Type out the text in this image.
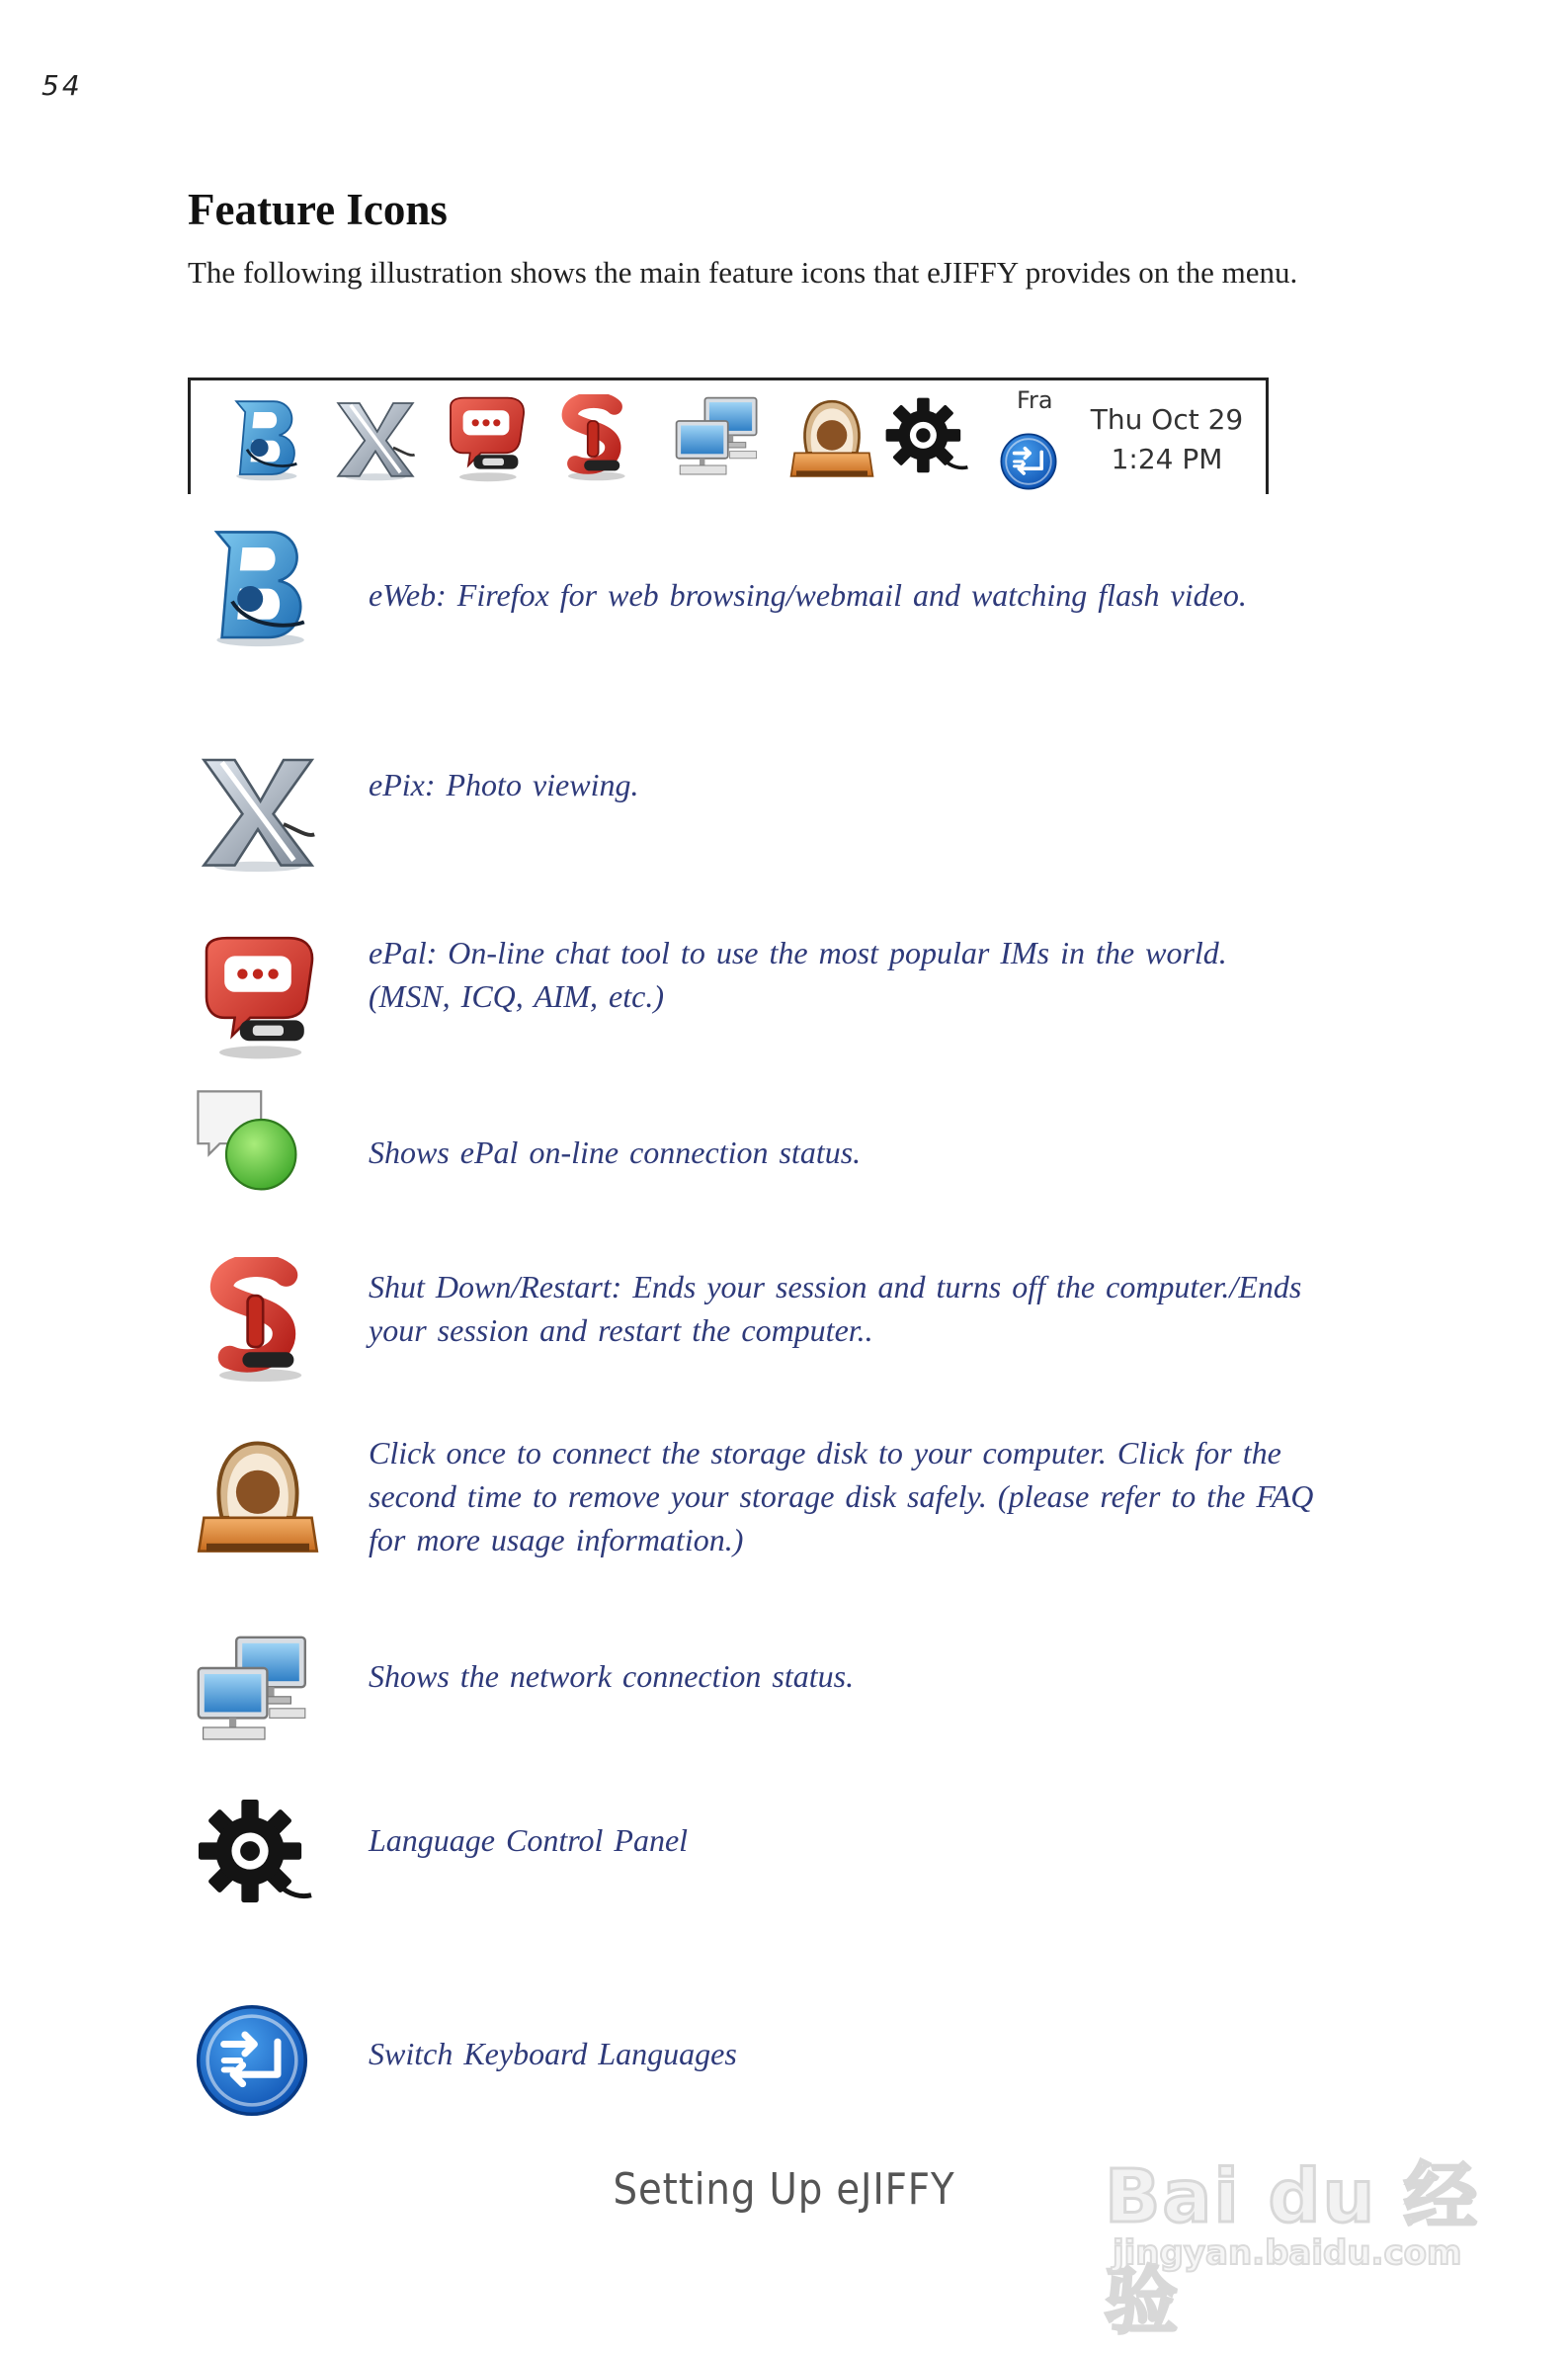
54
Feature Icons
The following illustration shows the main feature icons that eJIFFY provides on the menu.
Fra
Thu Oct 29
1:24 PM
eWeb: Firefox for web browsing/webmail and watching flash video.
ePix: Photo viewing.
ePal: On-line chat tool to use the most popular IMs in the world. (MSN, ICQ, AIM, etc.)
Shows ePal on-line connection status.
Shut Down/Restart: Ends your session and turns off the computer./Ends your session and restart the computer..
Click once to connect the storage disk to your computer. Click for the second time to remove your storage disk safely. (please refer to the FAQ for more usage information.)
Shows the network connection status.
Language Control Panel
Switch Keyboard Languages
Setting Up eJIFFY	Bai du 经验
jingyan.baidu.com
